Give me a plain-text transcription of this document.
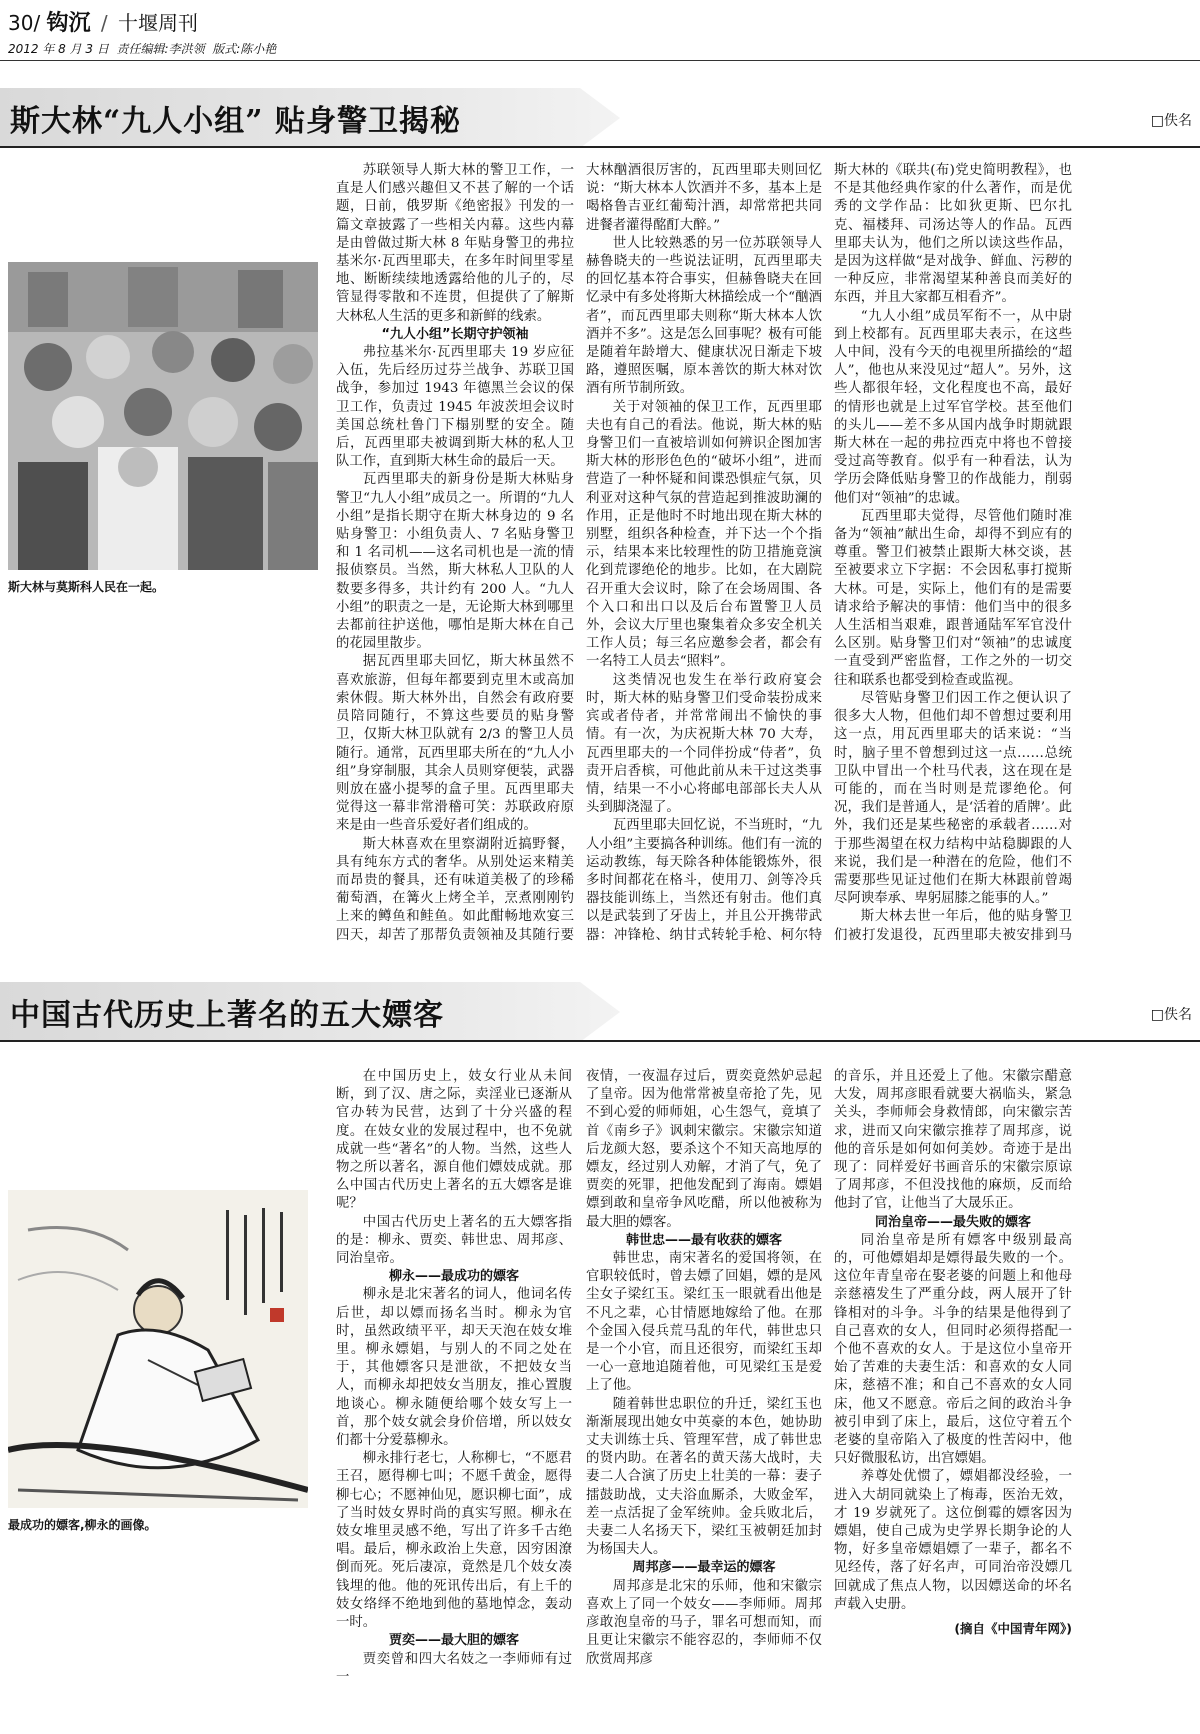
30/ 钩沉 / 十堰周刊
2012 年 8 月 3 日 责任编辑:李洪领 版式:陈小艳
斯大林“九人小组” 贴身警卫揭秘	□佚名
斯大林与莫斯科人民在一起。

苏联领导人斯大林的警卫工作，一直是人们感兴趣但又不甚了解的一个话题，日前，俄罗斯《绝密报》刊发的一篇文章披露了一些相关内幕。这些内幕是由曾做过斯大林 8 年贴身警卫的弗拉基米尔·瓦西里耶夫，在多年时间里零星地、断断续续地透露给他的儿子的，尽管显得零散和不连贯，但提供了了解斯大林私人生活的更多和新鲜的线索。

“九人小组”长期守护领袖

弗拉基米尔·瓦西里耶夫 19 岁应征入伍，先后经历过芬兰战争、苏联卫国战争，参加过 1943 年德黑兰会议的保卫工作，负责过 1945 年波茨坦会议时美国总统杜鲁门下榻别墅的安全。随后，瓦西里耶夫被调到斯大林的私人卫队工作，直到斯大林生命的最后一天。

瓦西里耶夫的新身份是斯大林贴身警卫“九人小组”成员之一。所谓的“九人小组”是指长期守在斯大林身边的 9 名贴身警卫：小组负责人、7 名贴身警卫和 1 名司机——这名司机也是一流的情报侦察员。当然，斯大林私人卫队的人数要多得多，共计约有 200 人。“九人小组”的职责之一是，无论斯大林到哪里去都前往护送他，哪怕是斯大林在自己的花园里散步。

据瓦西里耶夫回忆，斯大林虽然不喜欢旅游，但每年都要到克里木或高加索休假。斯大林外出，自然会有政府要员陪同随行，不算这些要员的贴身警卫，仅斯大林卫队就有 2/3 的警卫人员随行。通常，瓦西里耶夫所在的“九人小组”身穿制服，其余人员则穿便装，武器则放在盛小提琴的盒子里。瓦西里耶夫觉得这一幕非常滑稽可笑：苏联政府原来是由一些音乐爱好者们组成的。

斯大林喜欢在里察湖附近搞野餐，具有纯东方式的奢华。从别处运来精美而昂贵的餐具，还有味道美极了的珍稀葡萄酒，在篝火上烤全羊，烹煮刚刚钓上来的鳟鱼和鲑鱼。如此酣畅地欢宴三四天，却苦了那帮负责领袖及其随行要

大林酗酒很厉害的，瓦西里耶夫则回忆说：“斯大林本人饮酒并不多，基本上是喝格鲁吉亚红葡萄汁酒，却常常把共同进餐者灌得酩酊大醉。”

世人比较熟悉的另一位苏联领导人赫鲁晓夫的一些说法证明，瓦西里耶夫的回忆基本符合事实，但赫鲁晓夫在回忆录中有多处将斯大林描绘成一个“酗酒者”，而瓦西里耶夫则称“斯大林本人饮酒并不多”。这是怎么回事呢？极有可能是随着年龄增大、健康状况日渐走下坡路，遵照医嘱，原本善饮的斯大林对饮酒有所节制所致。

关于对领袖的保卫工作，瓦西里耶夫也有自己的看法。他说，斯大林的贴身警卫们一直被培训如何辨识企图加害斯大林的形形色色的“破坏小组”，进而营造了一种怀疑和间谍恐惧症气氛，贝利亚对这种气氛的营造起到推波助澜的作用，正是他时不时地出现在斯大林的别墅，组织各种检查，并下达一个个指示，结果本来比较理性的防卫措施竟演化到荒谬绝伦的地步。比如，在大剧院召开重大会议时，除了在会场周围、各个入口和出口以及后台布置警卫人员外，会议大厅里也聚集着众多安全机关工作人员；每三名应邀参会者，都会有一名特工人员去“照料”。

这类情况也发生在举行政府宴会时，斯大林的贴身警卫们受命装扮成来宾或者侍者，并常常闹出不愉快的事情。有一次，为庆祝斯大林 70 大寿，瓦西里耶夫的一个同伴扮成“侍者”，负责开启香槟，可他此前从未干过这类事情，结果一不小心将邮电部部长夫人从头到脚浇湿了。

瓦西里耶夫回忆说，不当班时，“九人小组”主要搞各种训练。他们有一流的运动教练，每天除各种体能锻炼外，很多时间都花在格斗，使用刀、剑等冷兵器技能训练上，当然还有射击。他们真以是武装到了牙齿上，并且公开携带武器：冲锋枪、纳甘式转轮手枪、柯尔特

斯大林的《联共(布)党史简明教程》，也不是其他经典作家的什么著作，而是优秀的文学作品：比如狄更斯、巴尔扎克、福楼拜、司汤达等人的作品。瓦西里耶夫认为，他们之所以读这些作品，是因为这样做“是对战争、鲜血、污秽的一种反应，非常渴望某种善良而美好的东西，并且大家都互相看齐”。

“九人小组”成员军衔不一，从中尉到上校都有。瓦西里耶夫表示，在这些人中间，没有今天的电视里所描绘的“超人”，他也从来没见过“超人”。另外，这些人都很年轻，文化程度也不高，最好的情形也就是上过军官学校。甚至他们的头儿——差不多从国内战争时期就跟斯大林在一起的弗拉西克中将也不曾接受过高等教育。似乎有一种看法，认为学历会降低贴身警卫的作战能力，削弱他们对“领袖”的忠诚。

瓦西里耶夫觉得，尽管他们随时准备为“领袖”献出生命，却得不到应有的尊重。警卫们被禁止跟斯大林交谈，甚至被要求立下字据：不会因私事打搅斯大林。可是，实际上，他们有的是需要请求给予解决的事情：他们当中的很多人生活相当艰难，跟普通陆军军官没什么区别。贴身警卫们对“领袖”的忠诚度一直受到严密监督，工作之外的一切交往和联系也都受到检查或监视。

尽管贴身警卫们因工作之便认识了很多大人物，但他们却不曾想过要利用这一点，用瓦西里耶夫的话来说：“当时，脑子里不曾想到过这一点……总统卫队中冒出一个杜马代表，这在现在是可能的，而在当时则是荒谬绝伦。何况，我们是普通人，是‘活着的盾牌’。此外，我们还是某些秘密的承载者……对于那些渴望在权力结构中站稳脚跟的人来说，我们是一种潜在的危险，他们不需要那些见证过他们在斯大林跟前曾竭尽阿谀奉承、卑躬屈膝之能事的人。”

斯大林去世一年后，他的贴身警卫们被打发退役，瓦西里耶夫被安排到马

中国古代历史上著名的五大嫖客	□佚名
最成功的嫖客,柳永的画像。

在中国历史上，妓女行业从未间断，到了汉、唐之际，卖淫业已逐渐从官办转为民营，达到了十分兴盛的程度。在妓女业的发展过程中，也不免就成就一些“著名”的人物。当然，这些人物之所以著名，源自他们嫖妓成就。那么中国古代历史上著名的五大嫖客是谁呢？

中国古代历史上著名的五大嫖客指的是：柳永、贾奕、韩世忠、周邦彦、同治皇帝。

柳永——最成功的嫖客

柳永是北宋著名的词人，他词名传后世，却以嫖而扬名当时。柳永为官时，虽然政绩平平，却天天泡在妓女堆里。柳永嫖娼，与别人的不同之处在于，其他嫖客只是泄欲，不把妓女当人，而柳永却把妓女当朋友，推心置腹地谈心。柳永随便给哪个妓女写上一首，那个妓女就会身价倍增，所以妓女们都十分爱慕柳永。

柳永排行老七，人称柳七，“不愿君王召，愿得柳七叫；不愿千黄金，愿得柳七心；不愿神仙见，愿识柳七面”，成了当时妓女界时尚的真实写照。柳永在妓女堆里灵感不绝，写出了许多千古绝唱。最后，柳永政治上失意，因穷困潦倒而死。死后凄凉，竟然是几个妓女凑钱埋的他。他的死讯传出后，有上千的妓女络绎不绝地到他的墓地悼念，轰动一时。

贾奕——最大胆的嫖客

贾奕曾和四大名妓之一李师师有过一

夜情，一夜温存过后，贾奕竟然妒忌起了皇帝。因为他常常被皇帝抢了先，见不到心爱的师师姐，心生怨气，竟填了首《南乡子》讽刺宋徽宗。宋徽宗知道后龙颜大怒，要杀这个不知天高地厚的嫖友，经过别人劝解，才消了气，免了贾奕的死罪，把他发配到了海南。嫖娼嫖到敢和皇帝争风吃醋，所以他被称为最大胆的嫖客。

韩世忠——最有收获的嫖客

韩世忠，南宋著名的爱国将领，在官职较低时，曾去嫖了回娼，嫖的是风尘女子梁红玉。梁红玉一眼就看出他是不凡之辈，心甘情愿地嫁给了他。在那个金国入侵兵荒马乱的年代，韩世忠只是一个小官，而且还很穷，而梁红玉却一心一意地追随着他，可见梁红玉是爱上了他。

随着韩世忠职位的升迁，梁红玉也渐渐展现出她女中英豪的本色，她协助丈夫训练士兵、管理军营，成了韩世忠的贤内助。在著名的黄天荡大战时，夫妻二人合演了历史上壮美的一幕：妻子擂鼓助战，丈夫浴血厮杀，大败金军，差一点活捉了金军统帅。金兵败北后，夫妻二人名扬天下，梁红玉被朝廷加封为杨国夫人。

周邦彦——最幸运的嫖客

周邦彦是北宋的乐师，他和宋徽宗喜欢上了同一个妓女——李师师。周邦彦敢泡皇帝的马子，罪名可想而知，而且更让宋徽宗不能容忍的，李师师不仅欣赏周邦彦

的音乐，并且还爱上了他。宋徽宗醋意大发，周邦彦眼看就要大祸临头，紧急关头，李师师会身救情郎，向宋徽宗苦求，进而又向宋徽宗推荐了周邦彦，说他的音乐是如何如何美妙。奇迹于是出现了：同样爱好书画音乐的宋徽宗原谅了周邦彦，不但没找他的麻烦，反而给他封了官，让他当了大晟乐正。

同治皇帝——最失败的嫖客

同治皇帝是所有嫖客中级别最高的，可他嫖娼却是嫖得最失败的一个。这位年青皇帝在娶老婆的问题上和他母亲慈禧发生了严重分歧，两人展开了针锋相对的斗争。斗争的结果是他得到了自己喜欢的女人，但同时必须得搭配一个他不喜欢的女人。于是这位小皇帝开始了苦难的夫妻生活：和喜欢的女人同床，慈禧不准；和自己不喜欢的女人同床，他又不愿意。帝后之间的政治斗争被引申到了床上，最后，这位守着五个老婆的皇帝陷入了极度的性苦闷中，他只好微服私访，出宫嫖娼。

养尊处优惯了，嫖娼都没经验，一进入大胡同就染上了梅毒，医治无效，才 19 岁就死了。这位倒霉的嫖客因为嫖娼，使自己成为史学界长期争论的人物，好多皇帝嫖娼嫖了一辈子，都名不见经传，落了好名声，可同治帝没嫖几回就成了焦点人物，以因嫖送命的坏名声载入史册。

(摘自《中国青年网》)
